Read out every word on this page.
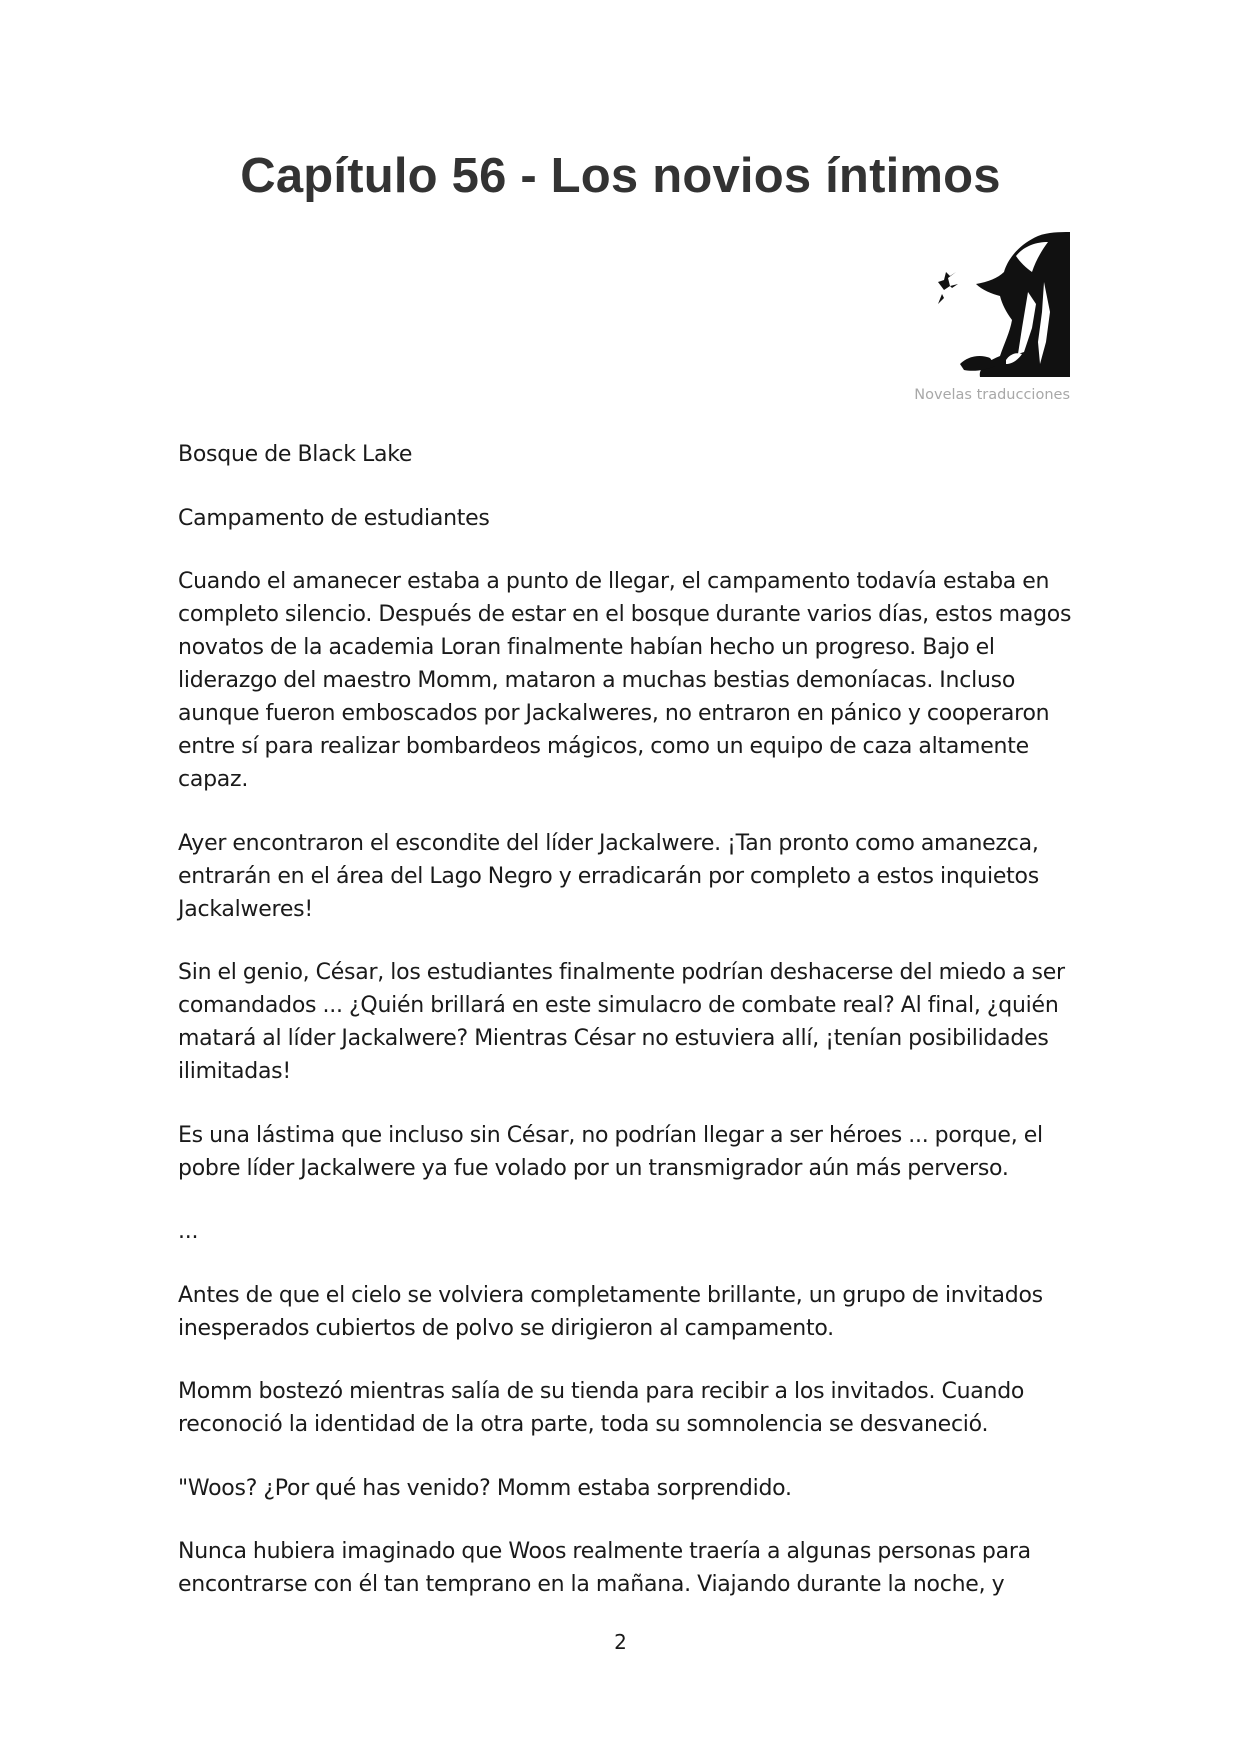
Capítulo 56 - Los novios íntimos
Novelas traducciones

Bosque de Black Lake

Campamento de estudiantes

Cuando el amanecer estaba a punto de llegar, el campamento todavía estaba en completo silencio. Después de estar en el bosque durante varios días, estos magos novatos de la academia Loran finalmente habían hecho un progreso. Bajo el liderazgo del maestro Momm, mataron a muchas bestias demoníacas. Incluso aunque fueron emboscados por Jackalweres, no entraron en pánico y cooperaron entre sí para realizar bombardeos mágicos, como un equipo de caza altamente capaz.

Ayer encontraron el escondite del líder Jackalwere. ¡Tan pronto como amanezca, entrarán en el área del Lago Negro y erradicarán por completo a estos inquietos Jackalweres!

Sin el genio, César, los estudiantes finalmente podrían deshacerse del miedo a ser comandados ... ¿Quién brillará en este simulacro de combate real? Al final, ¿quién matará al líder Jackalwere? Mientras César no estuviera allí, ¡tenían posibilidades ilimitadas!

Es una lástima que incluso sin César, no podrían llegar a ser héroes ... porque, el pobre líder Jackalwere ya fue volado por un transmigrador aún más perverso.

...

Antes de que el cielo se volviera completamente brillante, un grupo de invitados inesperados cubiertos de polvo se dirigieron al campamento.

Momm bostezó mientras salía de su tienda para recibir a los invitados. Cuando reconoció la identidad de la otra parte, toda su somnolencia se desvaneció.

"Woos? ¿Por qué has venido? Momm estaba sorprendido.

Nunca hubiera imaginado que Woos realmente traería a algunas personas para encontrarse con él tan temprano en la mañana. Viajando durante la noche, y

2
